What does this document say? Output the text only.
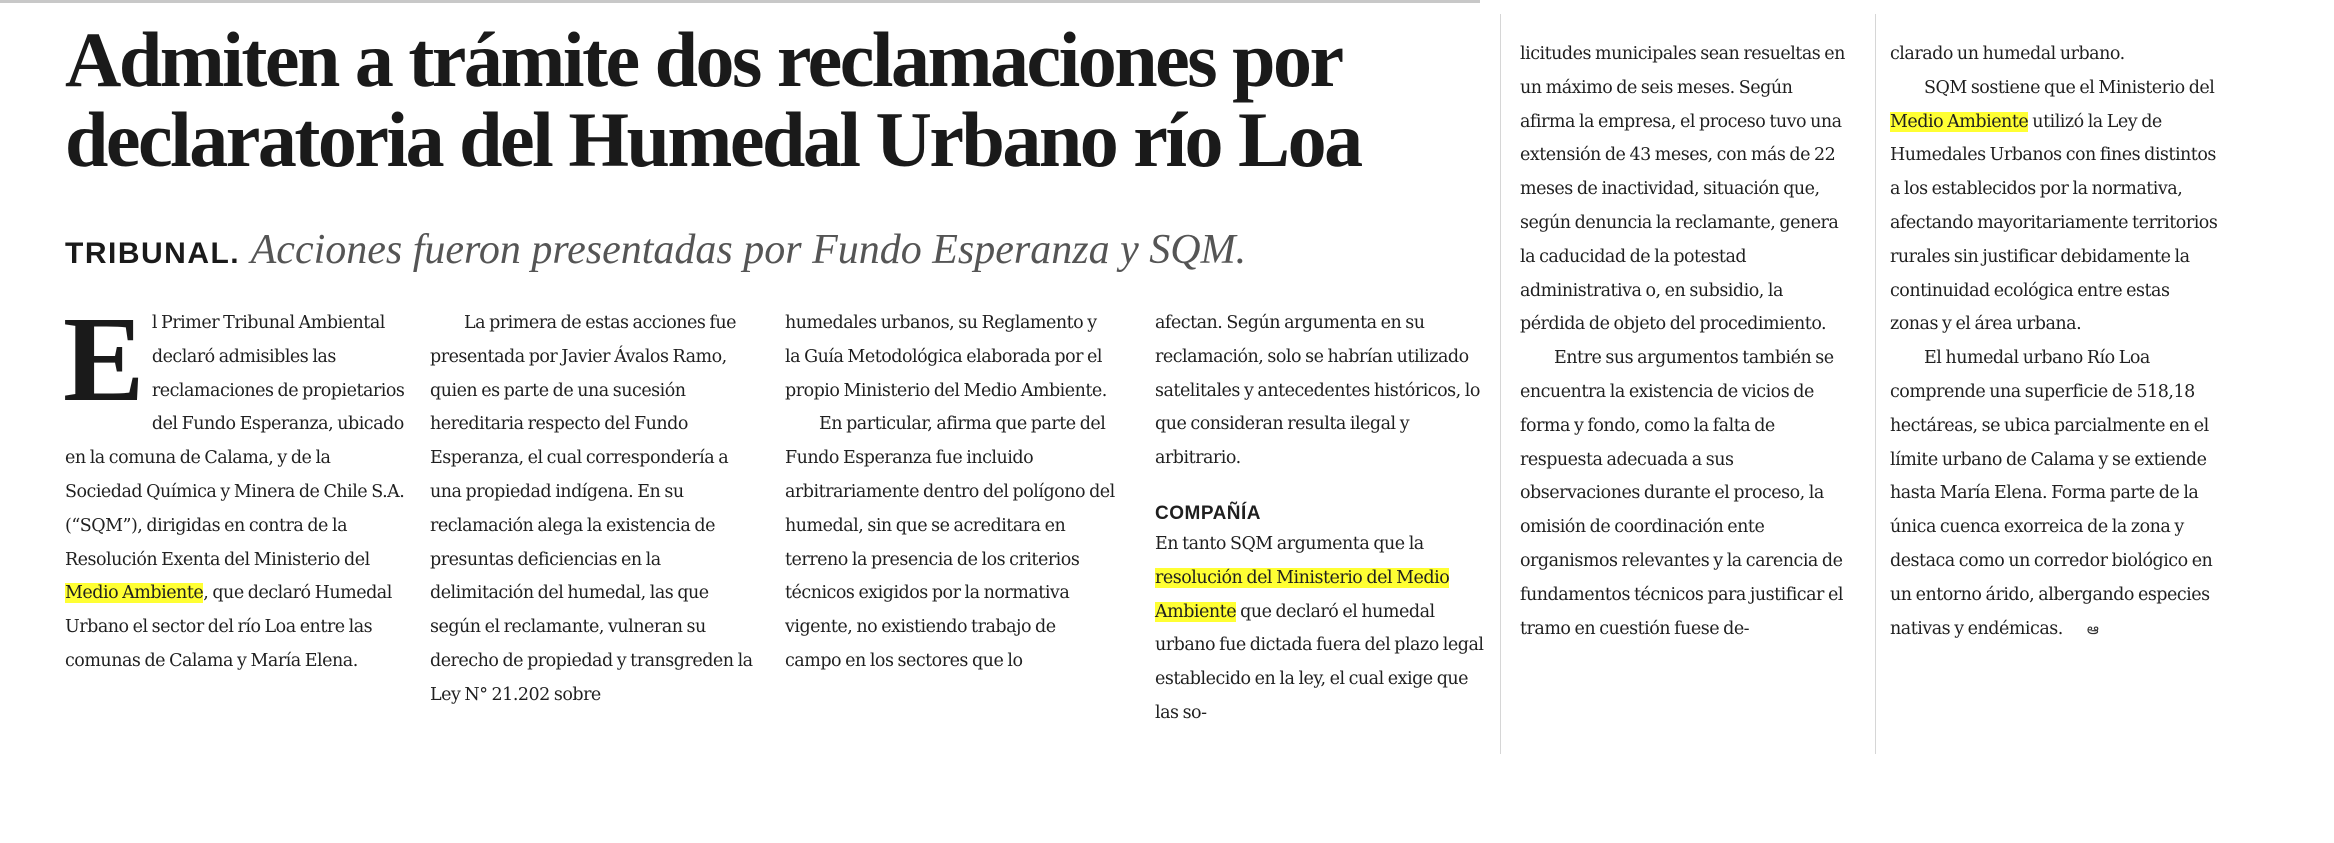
Admiten a trámite dos reclamaciones por
declaratoria del Humedal Urbano río Loa
TRIBUNAL. Acciones fueron presentadas por Fundo Esperanza y SQM.
E l Primer Tribunal Ambiental declaró admisibles las reclamaciones de propietarios del Fundo Esperanza, ubicado en la comuna de Calama, y de la Sociedad Química y Minera de Chile S.A. (“SQM”), dirigidas en contra de la Resolución Exenta del Ministerio del Medio Ambiente, que declaró Humedal Urbano el sector del río Loa entre las comunas de Calama y María Elena.

La primera de estas acciones fue presentada por Javier Ávalos Ramo, quien es parte de una sucesión hereditaria respecto del Fundo Esperanza, el cual correspondería a una propiedad indígena. En su reclamación alega la existencia de presuntas deficiencias en la delimitación del humedal, las que según el reclamante, vulneran su derecho de propiedad y transgreden la Ley N° 21.202 sobre

humedales urbanos, su Reglamento y la Guía Metodológica elaborada por el propio Ministerio del Medio Ambiente.

En particular, afirma que parte del Fundo Esperanza fue incluido arbitrariamente dentro del polígono del humedal, sin que se acreditara en terreno la presencia de los criterios técnicos exigidos por la normativa vigente, no existiendo trabajo de campo en los sectores que lo

afectan. Según argumenta en su reclamación, solo se habrían utilizado satelitales y antecedentes históricos, lo que consideran resulta ilegal y arbitrario.

COMPAÑÍA

En tanto SQM argumenta que la resolución del Ministerio del Medio Ambiente que declaró el humedal urbano fue dictada fuera del plazo legal establecido en la ley, el cual exige que las so-

licitudes municipales sean resueltas en un máximo de seis meses. Según afirma la empresa, el proceso tuvo una extensión de 43 meses, con más de 22 meses de inactividad, situación que, según denuncia la reclamante, genera la caducidad de la potestad administrativa o, en subsidio, la pérdida de objeto del procedimiento.

Entre sus argumentos también se encuentra la existencia de vicios de forma y fondo, como la falta de respuesta adecuada a sus observaciones durante el proceso, la omisión de coordinación ente organismos relevantes y la carencia de fundamentos técnicos para justificar el tramo en cuestión fuese de-

clarado un humedal urbano.

SQM sostiene que el Ministerio del Medio Ambiente utilizó la Ley de Humedales Urbanos con fines distintos a los establecidos por la normativa, afectando mayoritariamente territorios rurales sin justificar debidamente la continuidad ecológica entre estas zonas y el área urbana.

El humedal urbano Río Loa comprende una superficie de 518,18 hectáreas, se ubica parcialmente en el límite urbano de Calama y se extiende hasta María Elena. Forma parte de la única cuenca exorreica de la zona y destaca como un corredor biológico en un entorno árido, albergando especies nativas y endémicas. ఆ
